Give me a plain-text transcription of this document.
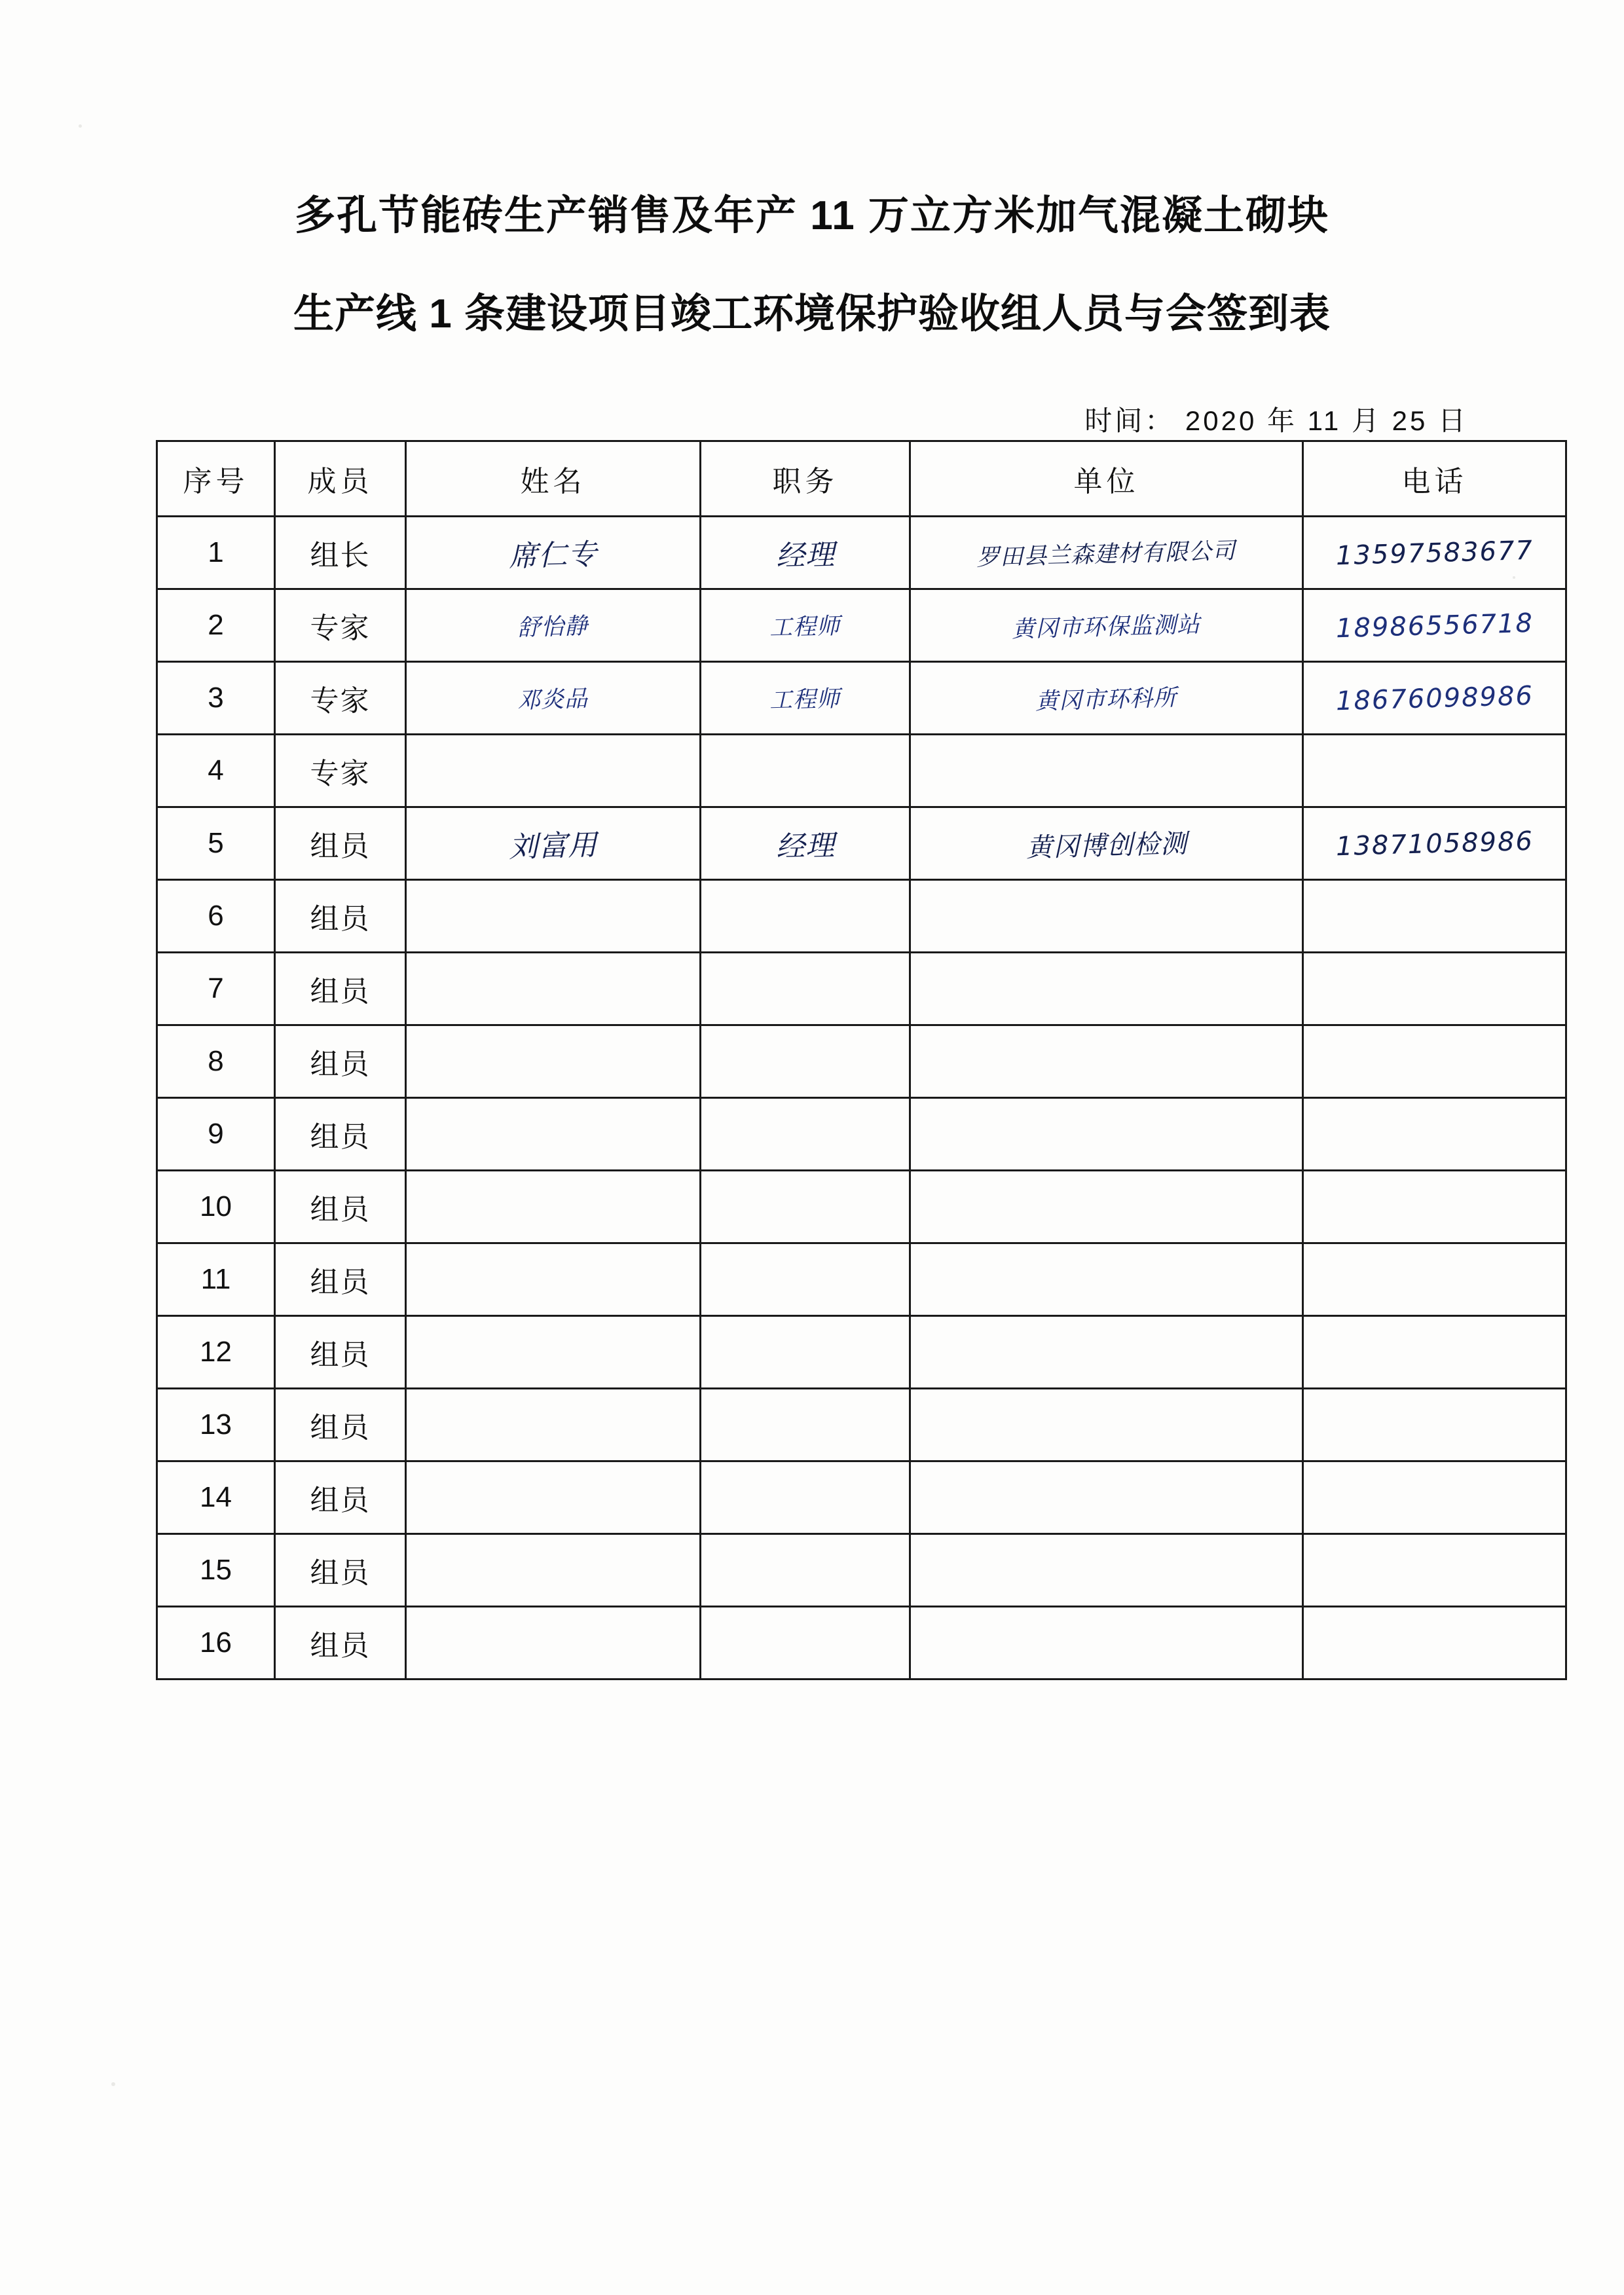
多孔节能砖生产销售及年产 11 万立方米加气混凝土砌块
生产线 1 条建设项目竣工环境保护验收组人员与会签到表
时间： 2020 年 11 月 25 日
序号	成员	姓名	职务	单位	电话
1	组长	席仁专	经理	罗田县兰森建材有限公司	13597583677
2	专家	舒怡静	工程师	黄冈市环保监测站	18986556718
3	专家	邓炎品	工程师	黄冈市环科所	18676098986
4	专家				
5	组员	刘富用	经理	黄冈博创检测	13871058986
6	组员				
7	组员				
8	组员				
9	组员				
10	组员				
11	组员				
12	组员				
13	组员				
14	组员				
15	组员				
16	组员				
